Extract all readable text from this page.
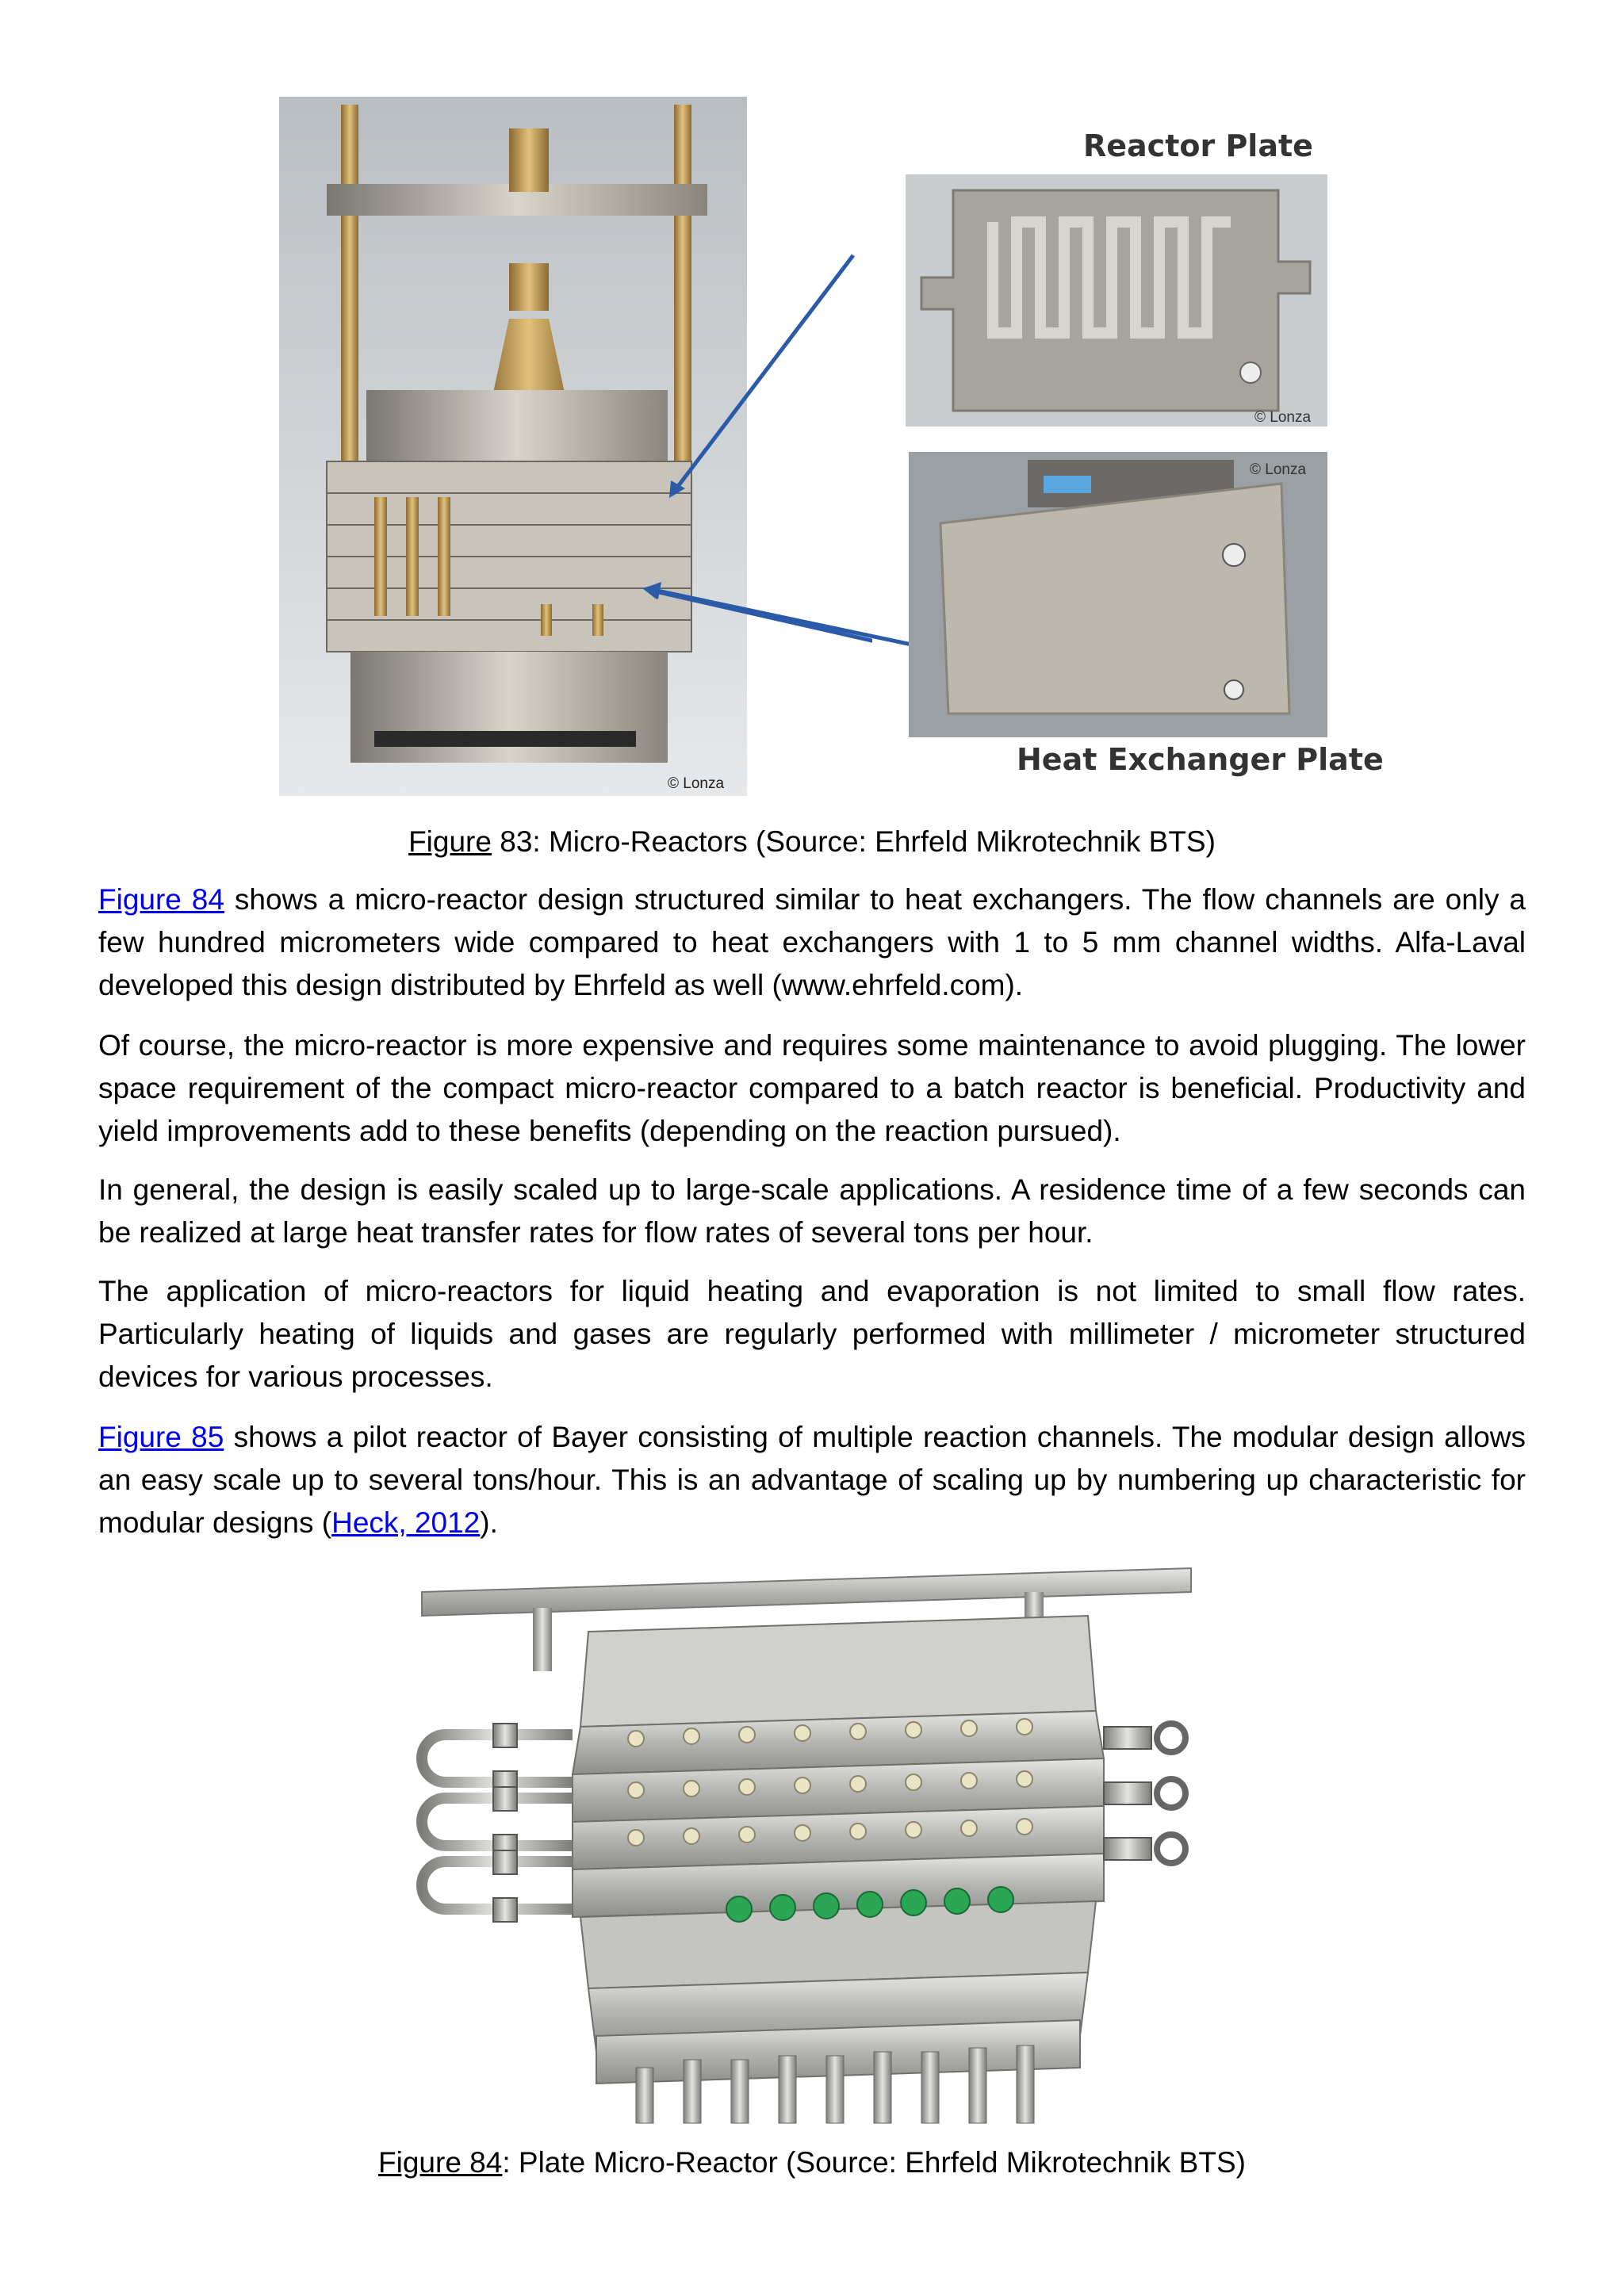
© Lonza
Reactor Plate
© Lonza
© Lonza
Heat Exchanger Plate

Figure 83: Micro-Reactors (Source: Ehrfeld Mikrotechnik BTS)

Figure 84 shows a micro-reactor design structured similar to heat exchangers. The flow channels are only a few hundred micrometers wide compared to heat exchangers with 1 to 5 mm channel widths. Alfa-Laval developed this design distributed by Ehrfeld as well (www.ehrfeld.com).

Of course, the micro-reactor is more expensive and requires some maintenance to avoid plugging. The lower space requirement of the compact micro-reactor compared to a batch reactor is beneficial. Productivity and yield improvements add to these benefits (depending on the reaction pursued).

In general, the design is easily scaled up to large-scale applications. A residence time of a few seconds can be realized at large heat transfer rates for flow rates of several tons per hour.

The application of micro-reactors for liquid heating and evaporation is not limited to small flow rates. Particularly heating of liquids and gases are regularly performed with millimeter / micrometer structured devices for various processes.

Figure 85 shows a pilot reactor of Bayer consisting of multiple reaction channels. The modular design allows an easy scale up to several tons/hour. This is an advantage of scaling up by numbering up characteristic for modular designs (Heck, 2012).

Figure 84: Plate Micro-Reactor (Source: Ehrfeld Mikrotechnik BTS)
